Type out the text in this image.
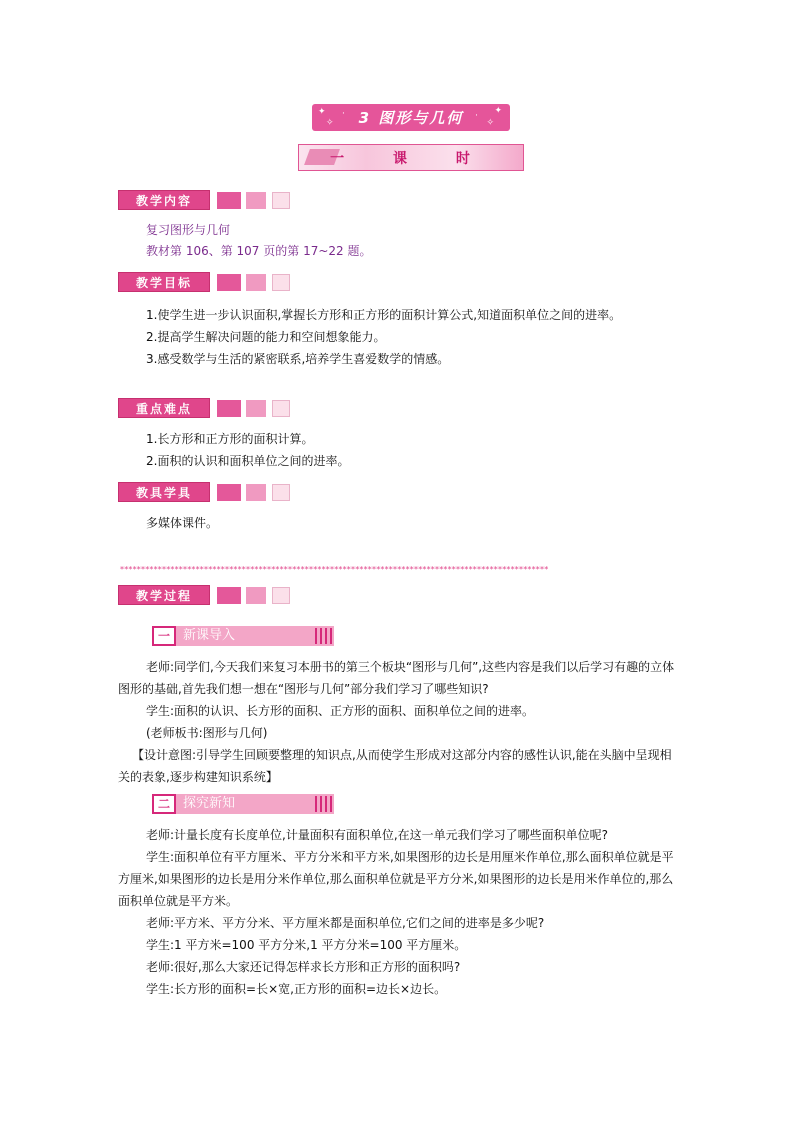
✦
✧
·	✦
✧
·
3 图形与几何
一 课 时
教学内容

复习图形与几何

教材第 106、第 107 页的第 17~22 题。

教学目标

1.使学生进一步认识面积,掌握长方形和正方形的面积计算公式,知道面积单位之间的进率。

2.提高学生解决问题的能力和空间想象能力。

3.感受数学与生活的紧密联系,培养学生喜爱数学的情感。

重点难点

1.长方形和正方形的面积计算。

2.面积的认识和面积单位之间的进率。

教具学具

多媒体课件。

******************************************************************************************************
教学过程
一	新课导入

老师:同学们,今天我们来复习本册书的第三个板块“图形与几何”,这些内容是我们以后学习有趣的立体图形的基础,首先我们想一想在“图形与几何”部分我们学习了哪些知识?

学生:面积的认识、长方形的面积、正方形的面积、面积单位之间的进率。

(老师板书:图形与几何)

【设计意图:引导学生回顾要整理的知识点,从而使学生形成对这部分内容的感性认识,能在头脑中呈现相关的表象,逐步构建知识系统】

二	探究新知

老师:计量长度有长度单位,计量面积有面积单位,在这一单元我们学习了哪些面积单位呢?

学生:面积单位有平方厘米、平方分米和平方米,如果图形的边长是用厘米作单位,那么面积单位就是平方厘米,如果图形的边长是用分米作单位,那么面积单位就是平方分米,如果图形的边长是用米作单位的,那么面积单位就是平方米。

老师:平方米、平方分米、平方厘米都是面积单位,它们之间的进率是多少呢?

学生:1 平方米=100 平方分米,1 平方分米=100 平方厘米。

老师:很好,那么大家还记得怎样求长方形和正方形的面积吗?

学生:长方形的面积=长×宽,正方形的面积=边长×边长。
